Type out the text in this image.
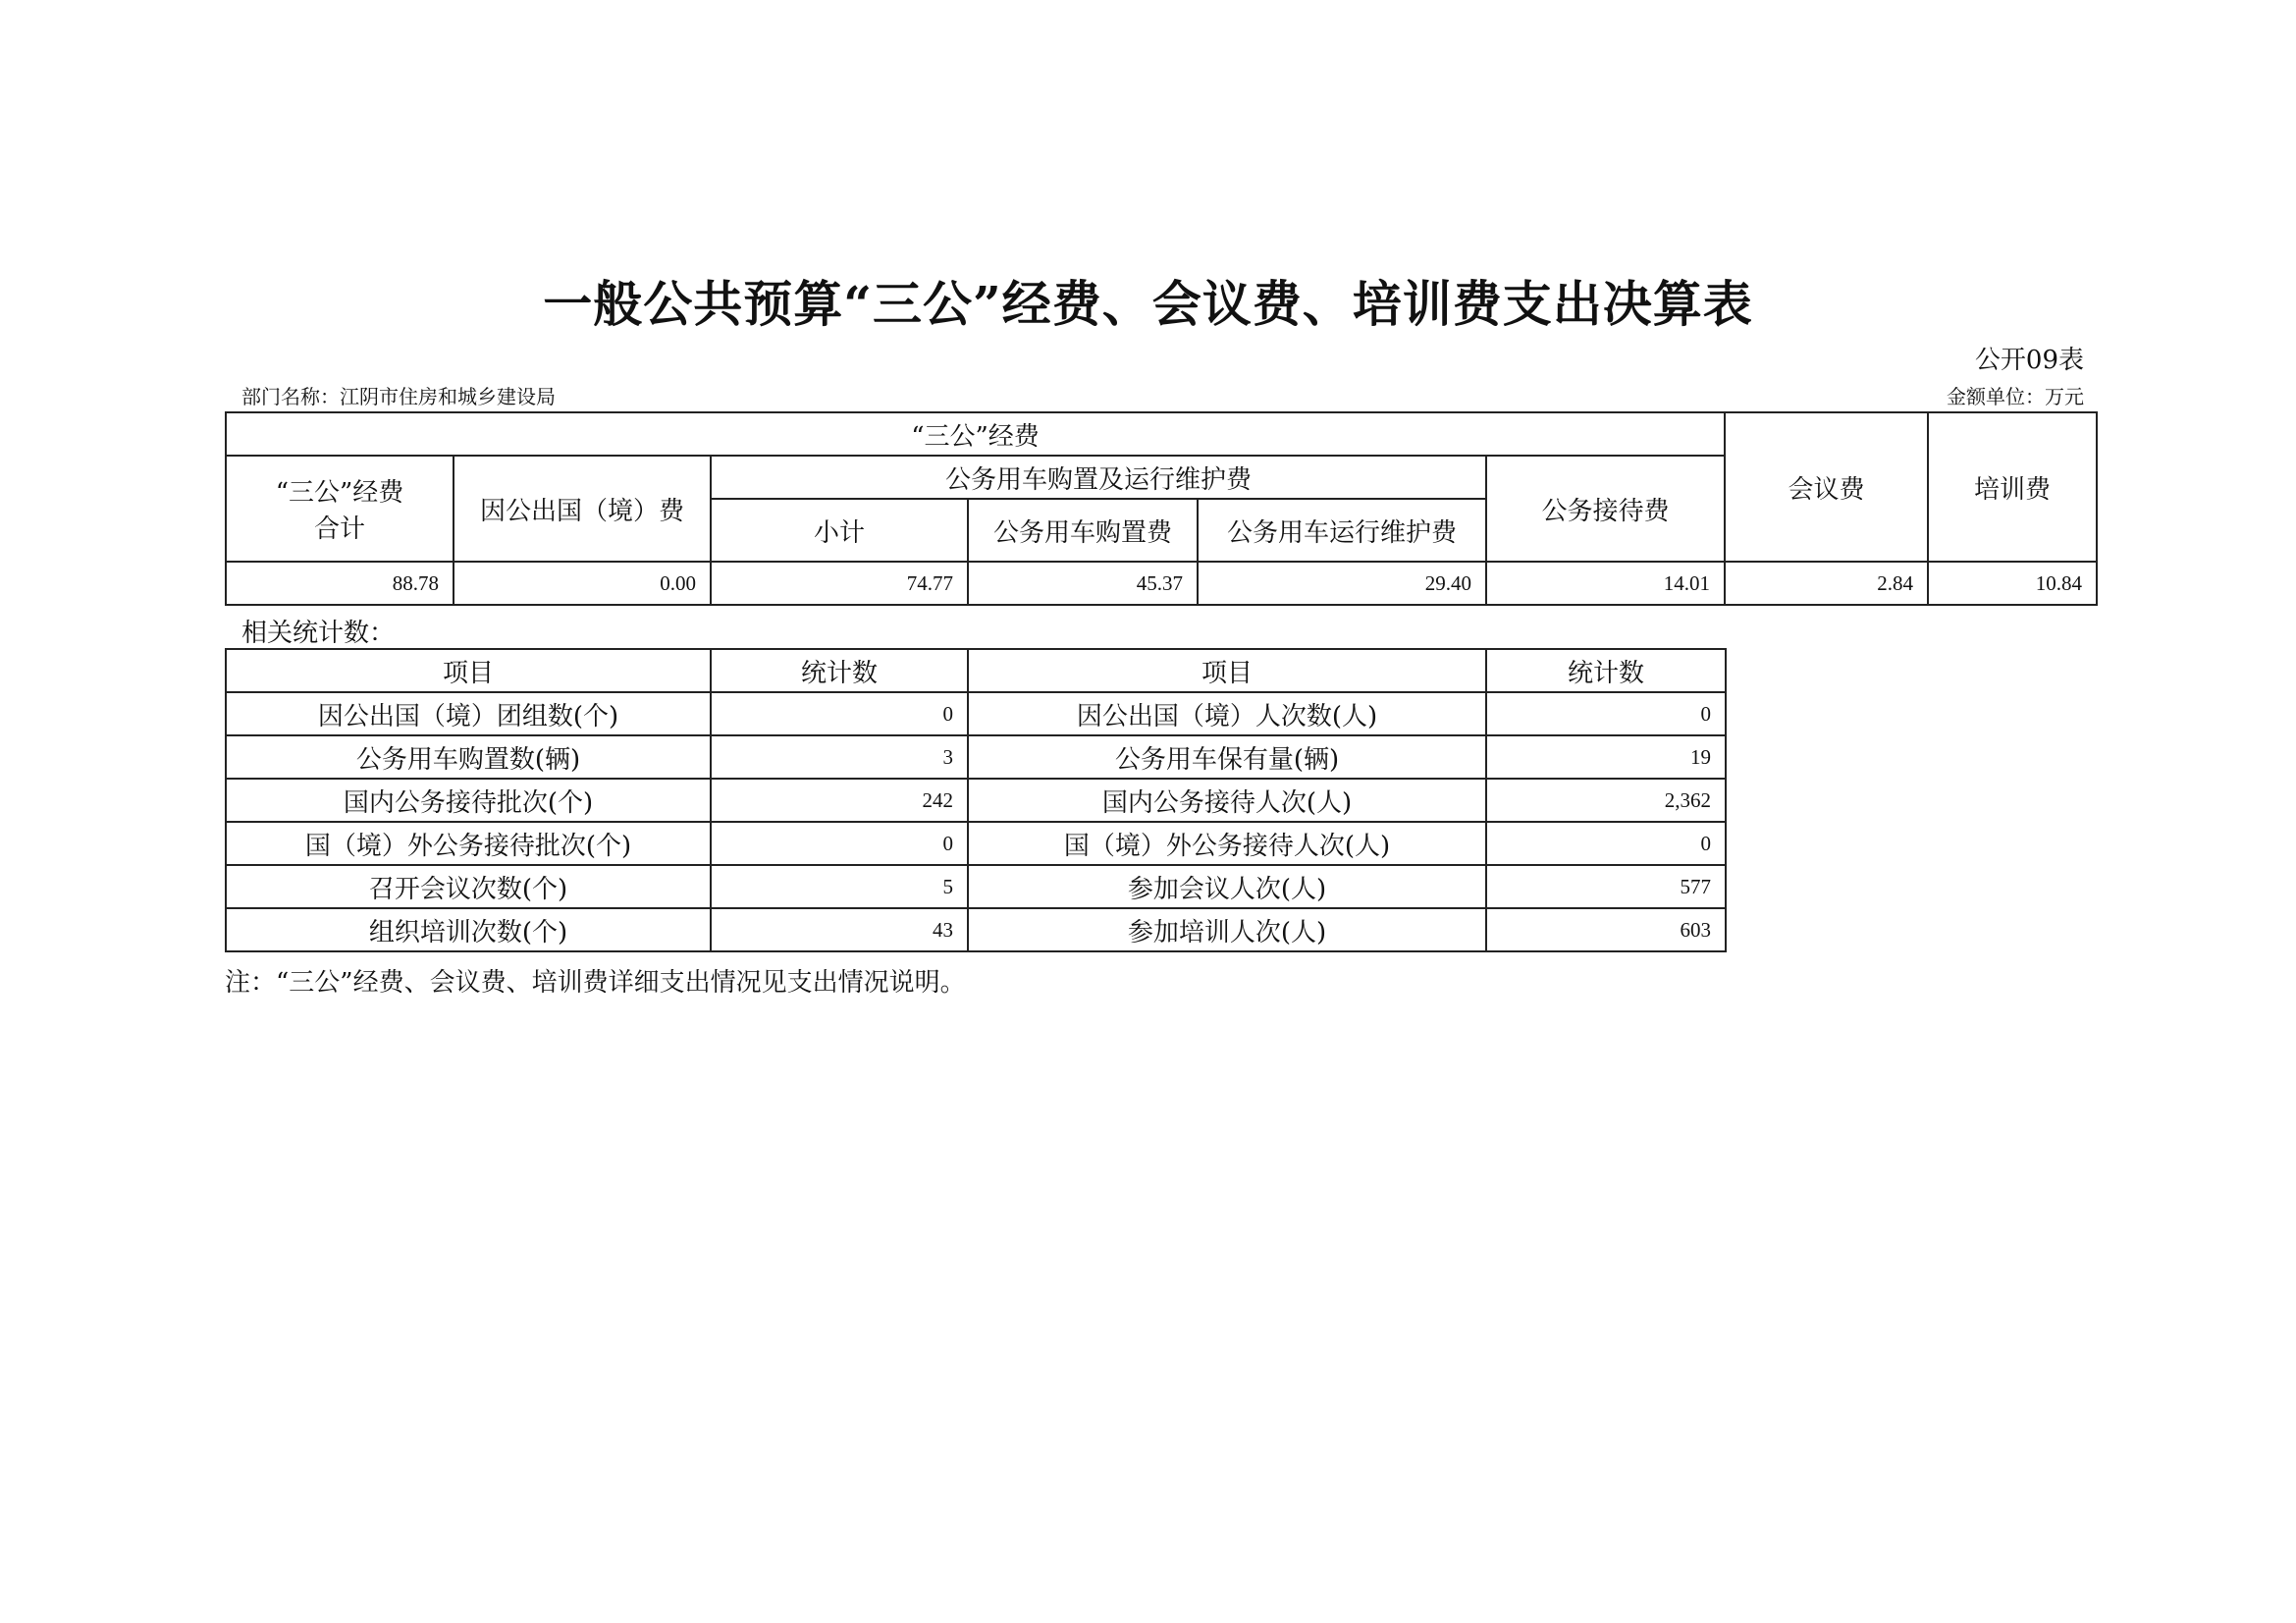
一般公共预算“三公”经费、会议费、培训费支出决算表
公开09表
部门名称：江阴市住房和城乡建设局	金额单位：万元
“三公”经费						会议费	培训费

“三公”经费
合计	因公出国（境）费	公务用车购置及运行维护费			公务接待费		
		小计	公务用车购置费	公务用车运行维护费			
88.78	0.00	74.77	45.37	29.40	14.01	2.84	10.84
相关统计数：
项目	统计数	项目	统计数
因公出国（境）团组数(个)	0	因公出国（境）人次数(人)	0
公务用车购置数(辆)	3	公务用车保有量(辆)	19
国内公务接待批次(个)	242	国内公务接待人次(人)	2,362
国（境）外公务接待批次(个)	0	国（境）外公务接待人次(人)	0
召开会议次数(个)	5	参加会议人次(人)	577
组织培训次数(个)	43	参加培训人次(人)	603
注：“三公”经费、会议费、培训费详细支出情况见支出情况说明。
